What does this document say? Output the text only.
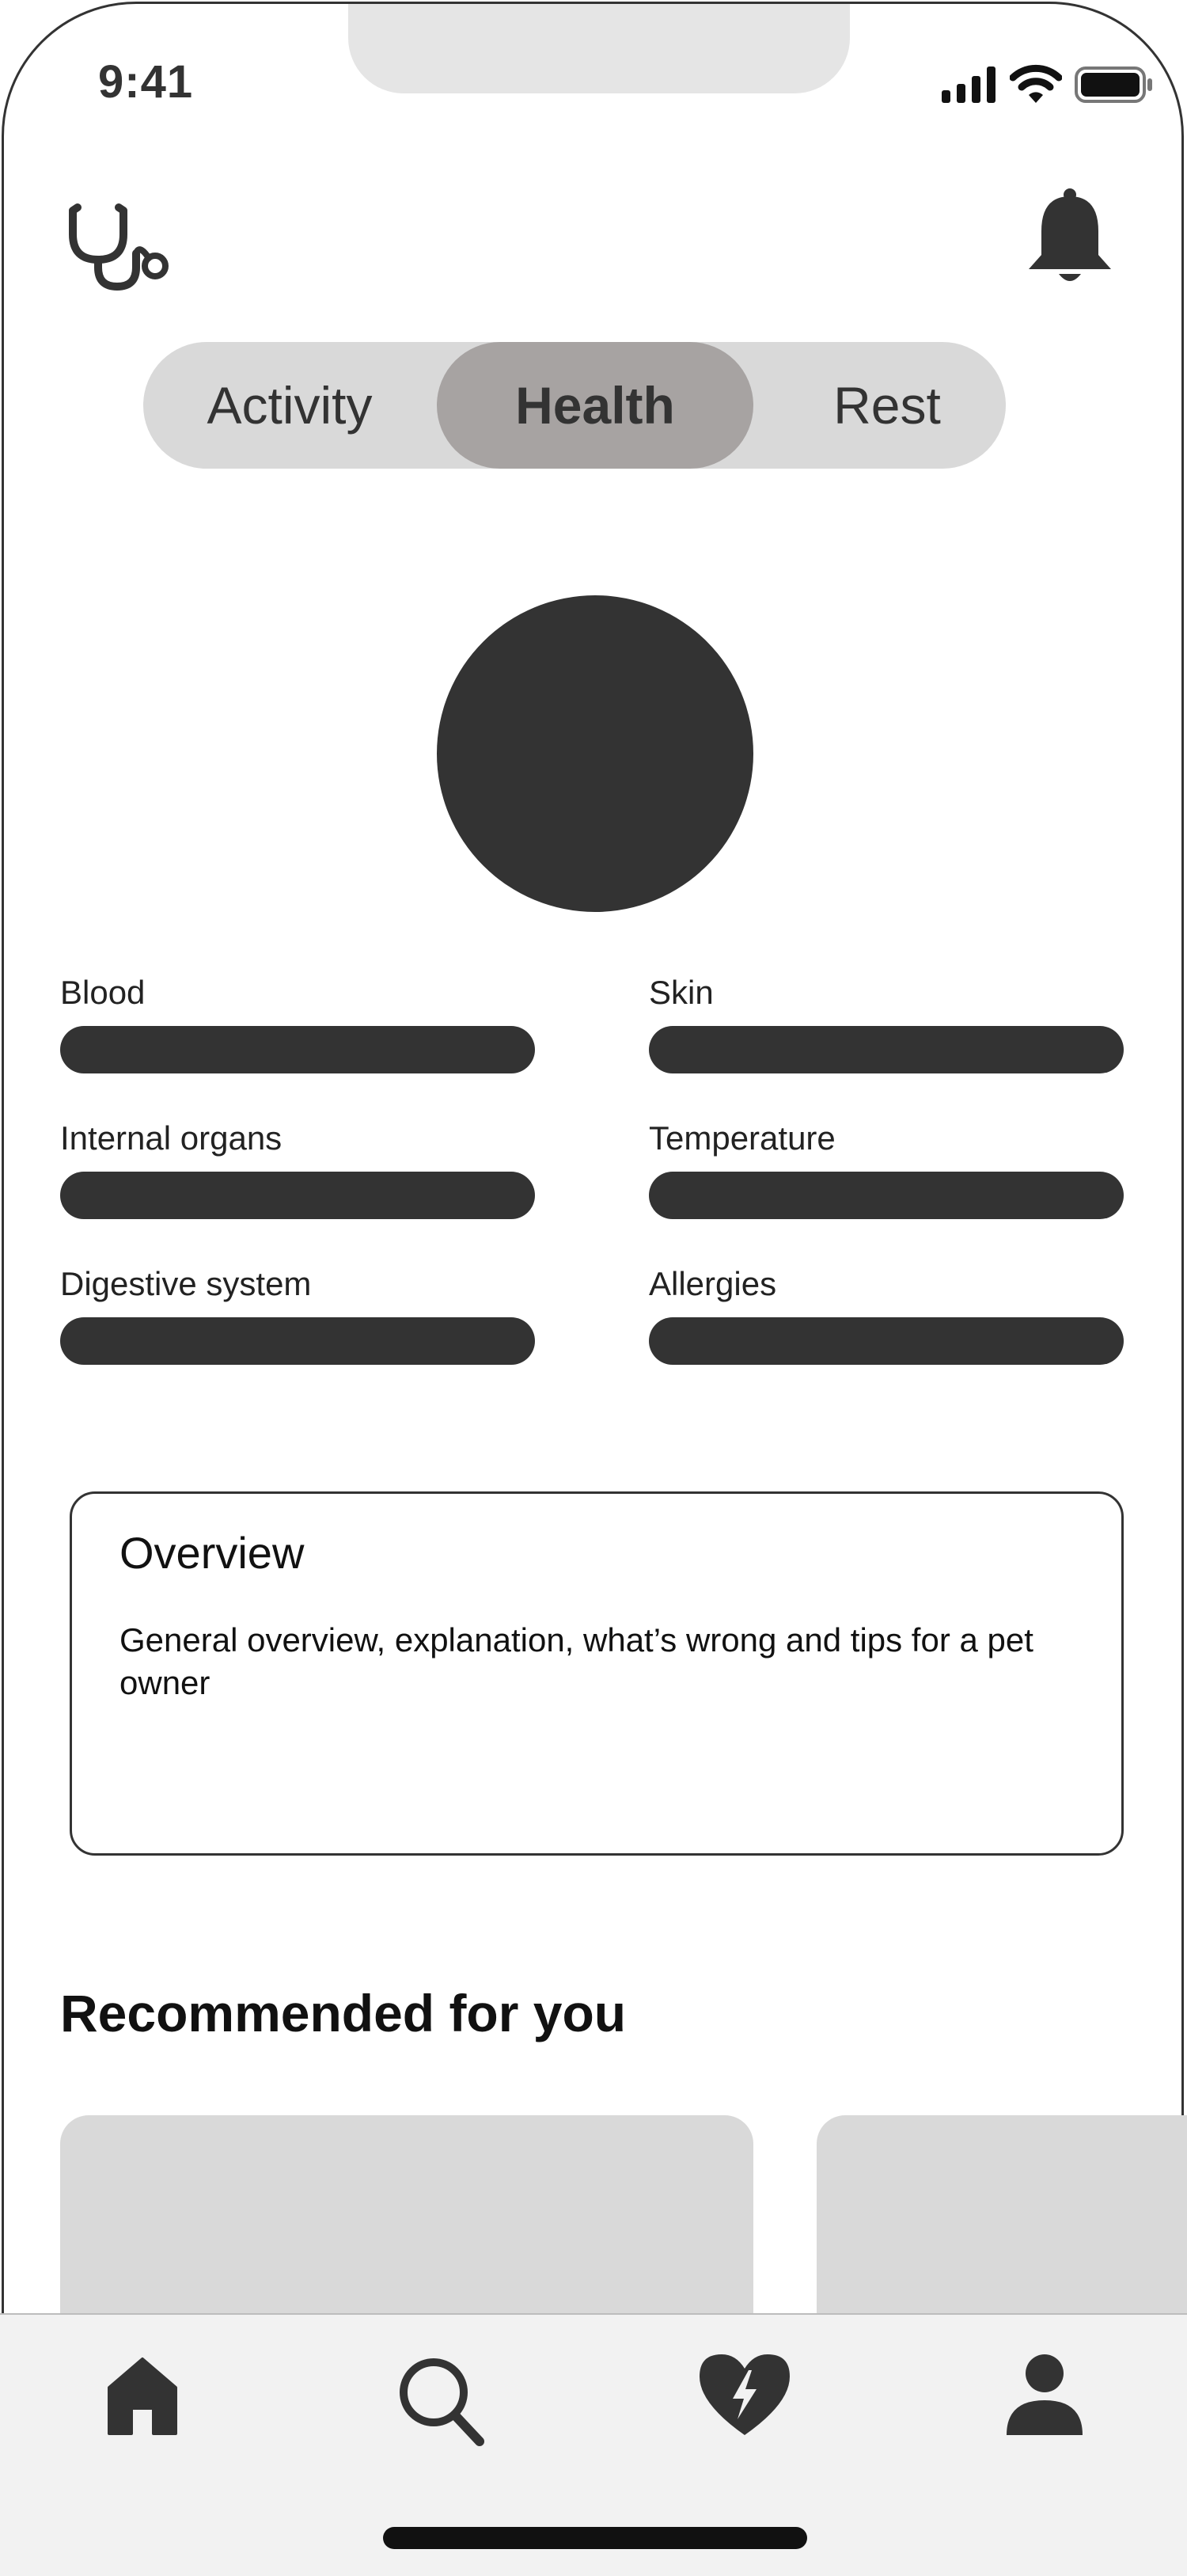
9:41
Activity	Health	Rest
Blood	Skin
Internal organs	Temperature
Digestive system	Allergies
Overview
General overview, explanation, what’s wrong and tips for a pet owner
Recommended for you
